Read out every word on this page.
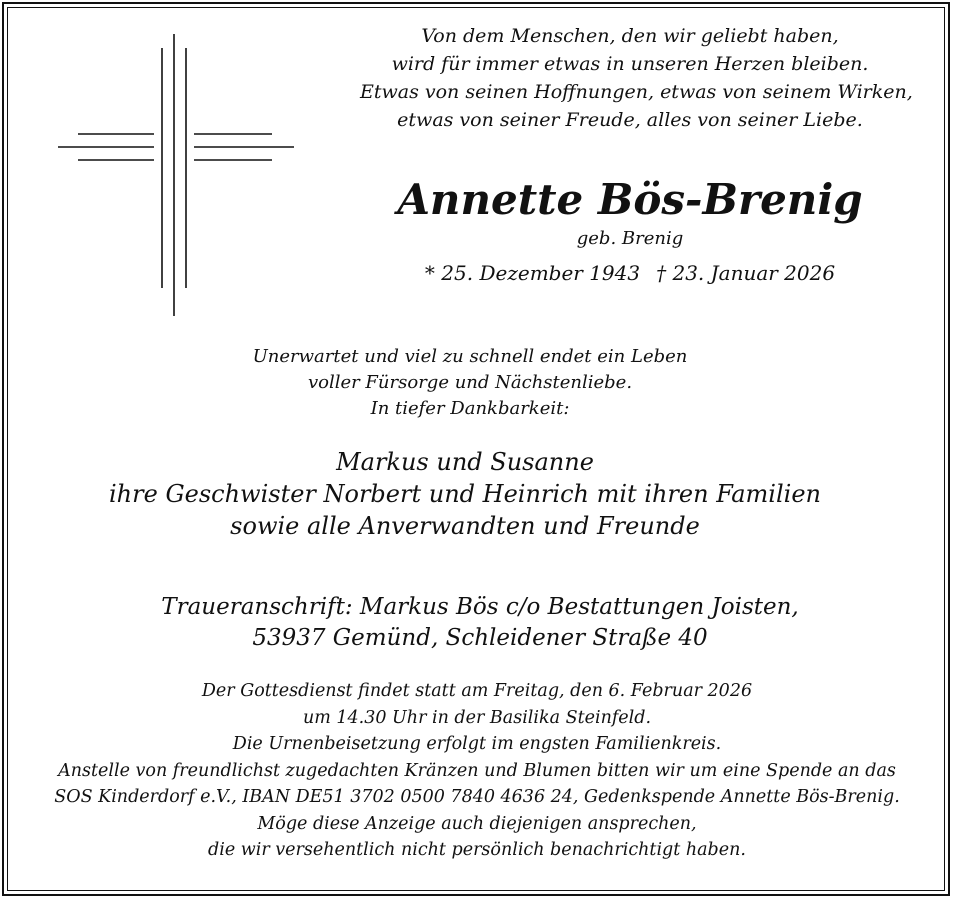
Von dem Menschen, den wir geliebt haben,
wird für immer etwas in unseren Herzen bleiben.
Etwas von seinen Hoffnungen, etwas von seinem Wirken,
etwas von seiner Freude, alles von seiner Liebe.
Annette Bös-Brenig
geb. Brenig
* 25. Dezember 1943 † 23. Januar 2026
Unerwartet und viel zu schnell endet ein Leben
voller Fürsorge und Nächstenliebe.
In tiefer Dankbarkeit:
Markus und Susanne
ihre Geschwister Norbert und Heinrich mit ihren Familien
sowie alle Anverwandten und Freunde
Traueranschrift: Markus Bös c/o Bestattungen Joisten,
53937 Gemünd, Schleidener Straße 40
Der Gottesdienst findet statt am Freitag, den 6. Februar 2026
um 14.30 Uhr in der Basilika Steinfeld.
Die Urnenbeisetzung erfolgt im engsten Familienkreis.
Anstelle von freundlichst zugedachten Kränzen und Blumen bitten wir um eine Spende an das
SOS Kinderdorf e.V., IBAN DE51 3702 0500 7840 4636 24, Gedenkspende Annette Bös-Brenig.
Möge diese Anzeige auch diejenigen ansprechen,
die wir versehentlich nicht persönlich benachrichtigt haben.
